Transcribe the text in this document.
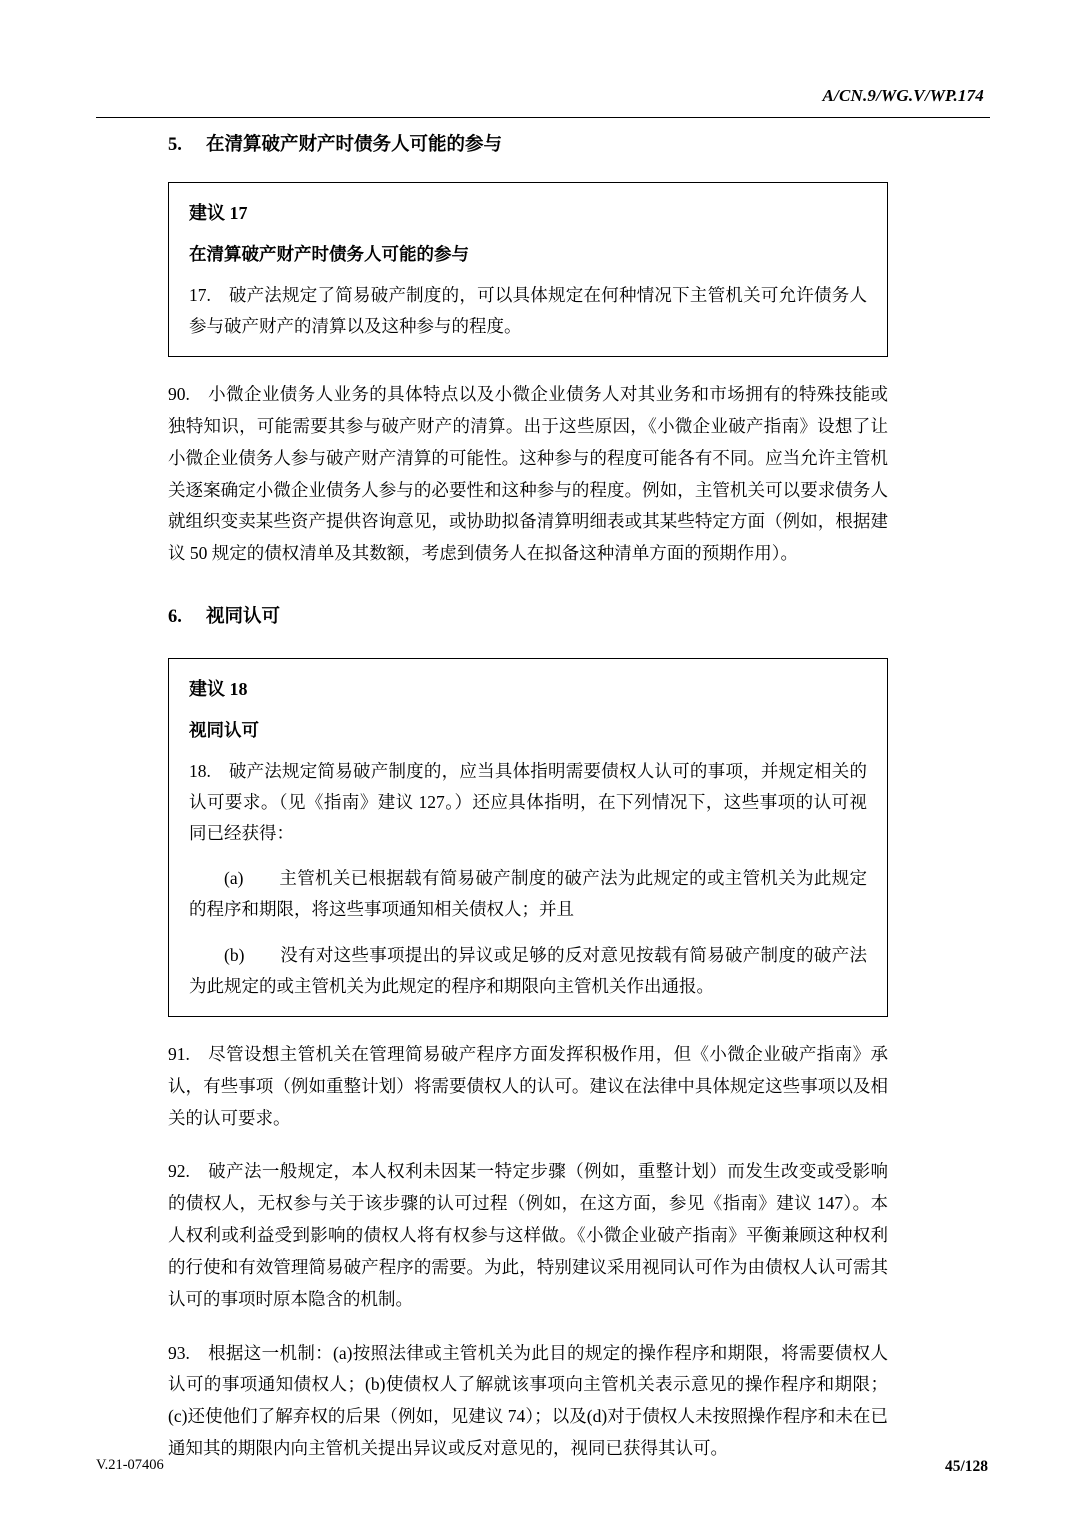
A/CN.9/WG.V/WP.174
5.	在清算破产财产时债务人可能的参与
建议 17
在清算破产财产时债务人可能的参与
17.　破产法规定了简易破产制度的，可以具体规定在何种情况下主管机关可允许债务人参与破产财产的清算以及这种参与的程度。
90.　小微企业债务人业务的具体特点以及小微企业债务人对其业务和市场拥有的特殊技能或独特知识，可能需要其参与破产财产的清算。出于这些原因，《小微企业破产指南》设想了让小微企业债务人参与破产财产清算的可能性。这种参与的程度可能各有不同。应当允许主管机关逐案确定小微企业债务人参与的必要性和这种参与的程度。例如，主管机关可以要求债务人就组织变卖某些资产提供咨询意见，或协助拟备清算明细表或其某些特定方面（例如，根据建议 50 规定的债权清单及其数额，考虑到债务人在拟备这种清单方面的预期作用）。
6.	视同认可
建议 18
视同认可
18.　破产法规定简易破产制度的，应当具体指明需要债权人认可的事项，并规定相关的认可要求。（见《指南》建议 127。）还应具体指明，在下列情况下，这些事项的认可视同已经获得：
(a)　　主管机关已根据载有简易破产制度的破产法为此规定的或主管机关为此规定的程序和期限，将这些事项通知相关债权人；并且
(b)　　没有对这些事项提出的异议或足够的反对意见按载有简易破产制度的破产法为此规定的或主管机关为此规定的程序和期限向主管机关作出通报。
91.　尽管设想主管机关在管理简易破产程序方面发挥积极作用，但《小微企业破产指南》承认，有些事项（例如重整计划）将需要债权人的认可。建议在法律中具体规定这些事项以及相关的认可要求。
92.　破产法一般规定，本人权利未因某一特定步骤（例如，重整计划）而发生改变或受影响的债权人，无权参与关于该步骤的认可过程（例如，在这方面，参见《指南》建议 147）。本人权利或利益受到影响的债权人将有权参与这样做。《小微企业破产指南》平衡兼顾这种权利的行使和有效管理简易破产程序的需要。为此，特别建议采用视同认可作为由债权人认可需其认可的事项时原本隐含的机制。
93.　根据这一机制：(a)按照法律或主管机关为此目的规定的操作程序和期限，将需要债权人认可的事项通知债权人；(b)使债权人了解就该事项向主管机关表示意见的操作程序和期限；(c)还使他们了解弃权的后果（例如，见建议 74）；以及(d)对于债权人未按照操作程序和未在已通知其的期限内向主管机关提出异议或反对意见的，视同已获得其认可。
V.21-07406	45/128
